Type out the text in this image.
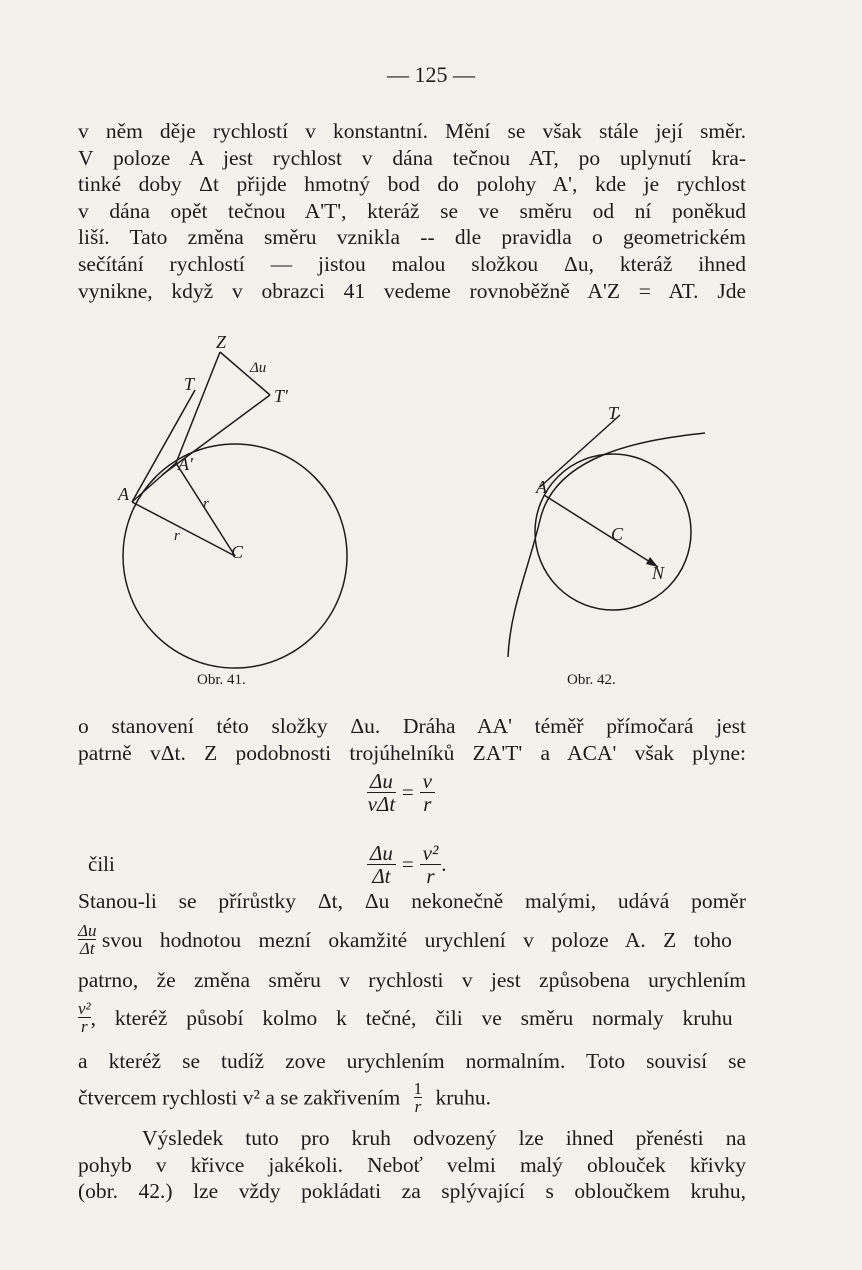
— 125 —
v něm děje rychlostí v konstantní. Mění se však stále její směr.
V poloze A jest rychlost v dána tečnou AT, po uplynutí kra-
tinké doby Δt přijde hmotný bod do polohy A', kde je rychlost
v dána opět tečnou A'T', kteráž se ve směru od ní poněkud
liší. Tato změna směru vznikla -- dle pravidla o geometrickém
sečítání rychlostí — jistou malou složkou Δu, kteráž ihned
vynikne, když v obrazci 41 vedeme rovnoběžně A'Z = AT. Jde
Z
Δu
T
T'
A'
A	r
r
C
Obr. 41.
T
A
C
N
Obr. 42.
o stanovení této složky Δu. Dráha AA' téměř přímočará jest
patrně vΔt. Z podobnosti trojúhelníků ZA'T' a ACA' však plyne:
$\frac{\Delta u}{\text{vΔt}} = \frac{v}{r}$
čili	$\frac{\Delta u}{\Delta t} = \frac{\text{v²}}{r}$ .
Stanou-li se přírůstky Δt, Δu nekonečně malými, udává poměr
$\frac{\Delta u}{\Delta t}$ svou hodnotou mezní okamžité urychlení v poloze A. Z toho
patrno, že změna směru v rychlosti v jest způsobena urychlením
$\frac{\text{v²}}{r}$ , kteréž působí kolmo k tečné, čili ve směru normaly kruhu
a kteréž se tudíž zove urychlením normalním. Toto souvisí se
čtvercem rychlosti v² a se zakřivením $\frac{1}{r}$ kruhu.
Výsledek tuto pro kruh odvozený lze ihned přenésti na
pohyb v křivce jakékoli. Neboť velmi malý oblouček křivky
(obr. 42.) lze vždy pokládati za splývající s obloučkem kruhu,
